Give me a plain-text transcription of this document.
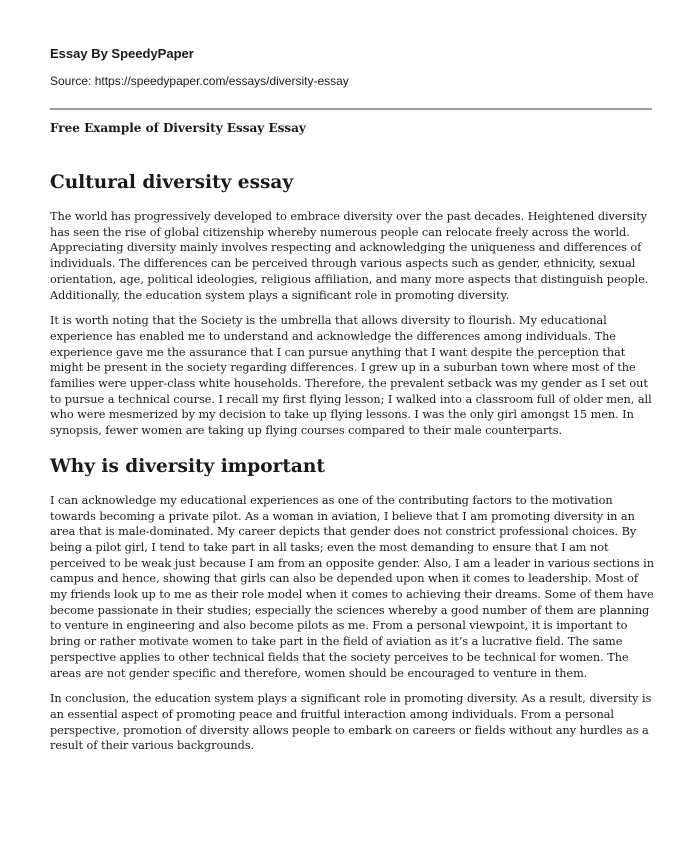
Essay By SpeedyPaper
Source: https://speedypaper.com/essays/diversity-essay
Free Example of Diversity Essay Essay
Cultural diversity essay

The world has progressively developed to embrace diversity over the past decades. Heightened diversity has seen the rise of global citizenship whereby numerous people can relocate freely across the world. Appreciating diversity mainly involves respecting and acknowledging the uniqueness and differences of individuals. The differences can be perceived through various aspects such as gender, ethnicity, sexual orientation, age, political ideologies, religious affiliation, and many more aspects that distinguish people. Additionally, the education system plays a significant role in promoting diversity.

It is worth noting that the Society is the umbrella that allows diversity to flourish. My educational experience has enabled me to understand and acknowledge the differences among individuals. The experience gave me the assurance that I can pursue anything that I want despite the perception that might be present in the society regarding differences. I grew up in a suburban town where most of the families were upper-class white households. Therefore, the prevalent setback was my gender as I set out to pursue a technical course. I recall my first flying lesson; I walked into a classroom full of older men, all who were mesmerized by my decision to take up flying lessons. I was the only girl amongst 15 men. In synopsis, fewer women are taking up flying courses compared to their male counterparts.

Why is diversity important

I can acknowledge my educational experiences as one of the contributing factors to the motivation towards becoming a private pilot. As a woman in aviation, I believe that I am promoting diversity in an area that is male-dominated. My career depicts that gender does not constrict professional choices. By being a pilot girl, I tend to take part in all tasks; even the most demanding to ensure that I am not perceived to be weak just because I am from an opposite gender. Also, I am a leader in various sections in campus and hence, showing that girls can also be depended upon when it comes to leadership. Most of my friends look up to me as their role model when it comes to achieving their dreams. Some of them have become passionate in their studies; especially the sciences whereby a good number of them are planning to venture in engineering and also become pilots as me. From a personal viewpoint, it is important to bring or rather motivate women to take part in the field of aviation as it’s a lucrative field. The same perspective applies to other technical fields that the society perceives to be technical for women. The areas are not gender specific and therefore, women should be encouraged to venture in them.

In conclusion, the education system plays a significant role in promoting diversity. As a result, diversity is an essential aspect of promoting peace and fruitful interaction among individuals. From a personal perspective, promotion of diversity allows people to embark on careers or fields without any hurdles as a result of their various backgrounds.
